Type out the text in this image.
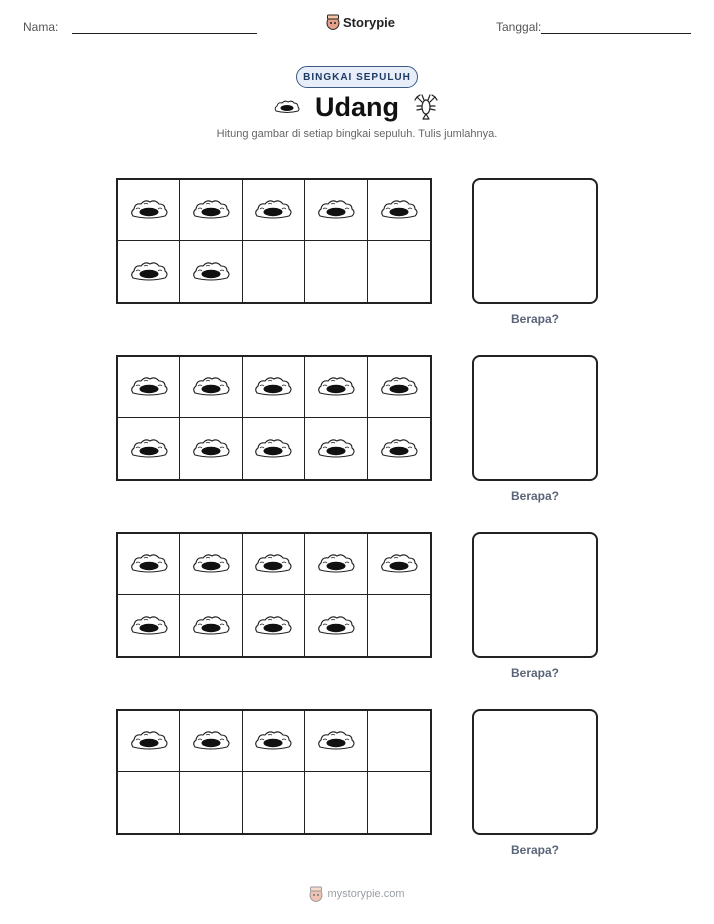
Nama:	Storypie	Tanggal:
BINGKAI SEPULUH
Udang
Hitung gambar di setiap bingkai sepuluh. Tulis jumlahnya.
Berapa?
Berapa?
Berapa?
Berapa?
mystorypie.com
